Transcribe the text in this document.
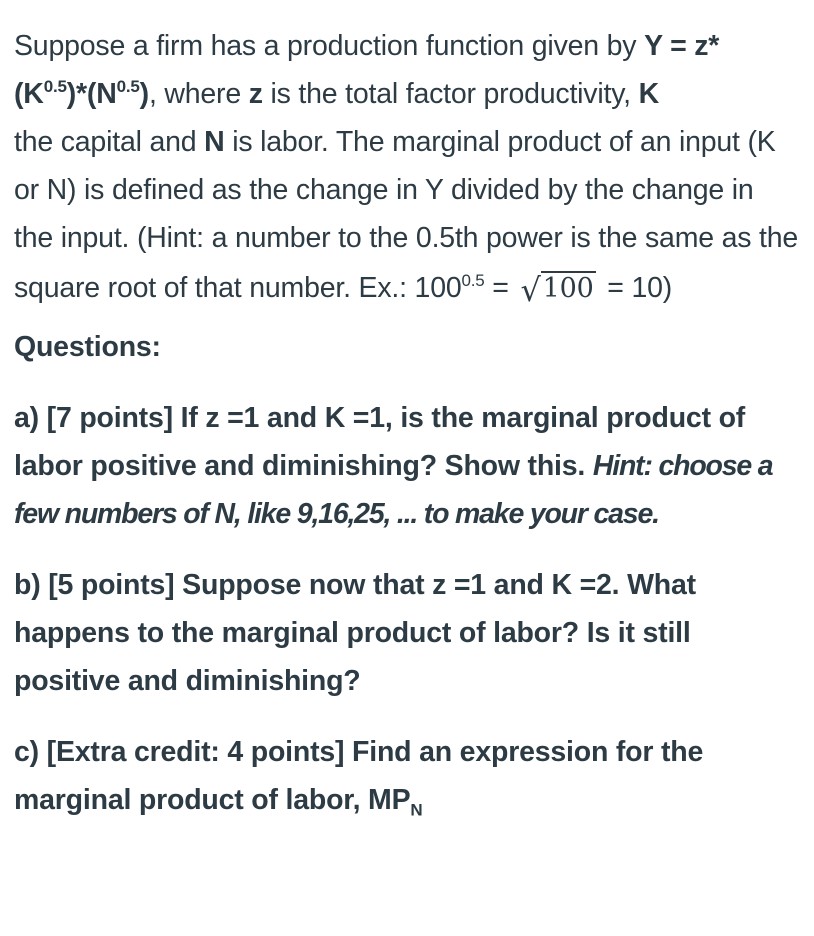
Suppose a firm has a production function given by Y = z*
$(K^{0.5})*(N^{0.5})$, where z is the total factor productivity, K
the capital and N is labor. The marginal product of an input (K or N) is defined as the change in Y divided by the change in the input. (Hint: a number to the 0.5th power is the same as the square root of that number. Ex.: $100^{0.5} = √100 = 10$)

Questions:

a) [7 points] If z =1 and K =1, is the marginal product of labor positive and diminishing? Show this. Hint: choose a few numbers of N, like 9,16,25, ... to make your case.

b) [5 points] Suppose now that z =1 and K =2. What happens to the marginal product of labor? Is it still positive and diminishing?

c) [Extra credit: 4 points] Find an expression for the marginal product of labor, $MP_N$
